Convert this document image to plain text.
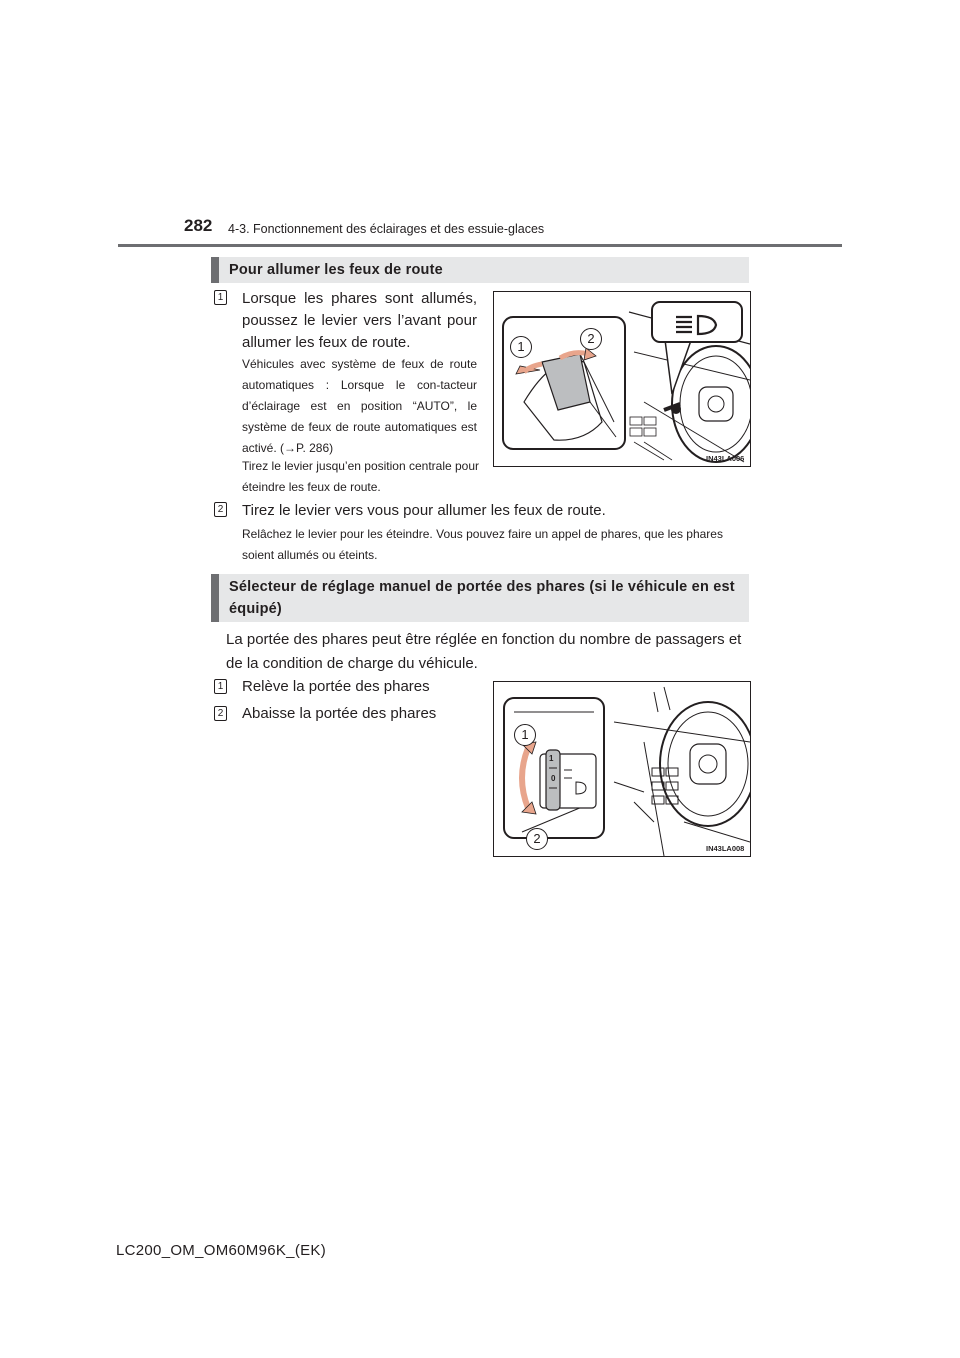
282 4-3. Fonctionnement des éclairages et des essuie-glaces
Pour allumer les feux de route
1 Lorsque les phares sont allumés, poussez le levier vers l’avant pour allumer les feux de route.
Véhicules avec système de feux de route automatiques : Lorsque le con-tacteur d’éclairage est en position “AUTO”, le système de feux de route automatiques est activé. (→P. 286)
Tirez le levier jusqu’en position centrale pour éteindre les feux de route.
1
2
IN43LA006
2 Tirez le levier vers vous pour allumer les feux de route.
Relâchez le levier pour les éteindre. Vous pouvez faire un appel de phares, que les phares soient allumés ou éteints.
Sélecteur de réglage manuel de portée des phares (si le véhicule en est équipé)
La portée des phares peut être réglée en fonction du nombre de passagers et de la condition de charge du véhicule.
1 Relève la portée des phares
2 Abaisse la portée des phares
1
0
1
2
IN43LA008
LC200_OM_OM60M96K_(EK)
